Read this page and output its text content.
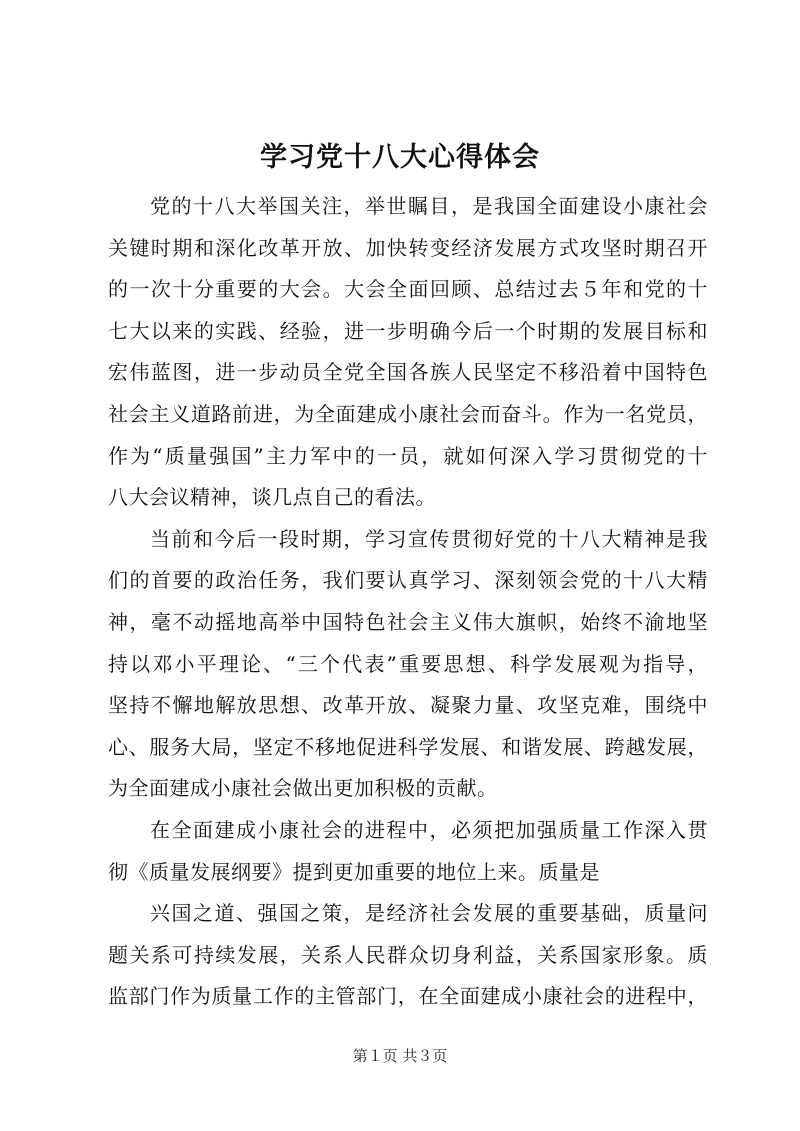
学习党十八大心得体会
党的十八大举国关注，举世瞩目，是我国全面建设小康社会
关键时期和深化改革开放、加快转变经济发展方式攻坚时期召开
的一次十分重要的大会。大会全面回顾、总结过去５年和党的十
七大以来的实践、经验，进一步明确今后一个时期的发展目标和
宏伟蓝图，进一步动员全党全国各族人民坚定不移沿着中国特色
社会主义道路前进，为全面建成小康社会而奋斗。作为一名党员，
作为“质量强国”主力军中的一员，就如何深入学习贯彻党的十
八大会议精神，谈几点自己的看法。
当前和今后一段时期，学习宣传贯彻好党的十八大精神是我
们的首要的政治任务，我们要认真学习、深刻领会党的十八大精
神，毫不动摇地高举中国特色社会主义伟大旗帜，始终不渝地坚
持以邓小平理论、“三个代表”重要思想、科学发展观为指导，
坚持不懈地解放思想、改革开放、凝聚力量、攻坚克难，围绕中
心、服务大局，坚定不移地促进科学发展、和谐发展、跨越发展，
为全面建成小康社会做出更加积极的贡献。
在全面建成小康社会的进程中，必须把加强质量工作深入贯
彻《质量发展纲要》提到更加重要的地位上来。质量是
兴国之道、强国之策，是经济社会发展的重要基础，质量问
题关系可持续发展，关系人民群众切身利益，关系国家形象。质
监部门作为质量工作的主管部门，在全面建成小康社会的进程中，
第１页 共３页
